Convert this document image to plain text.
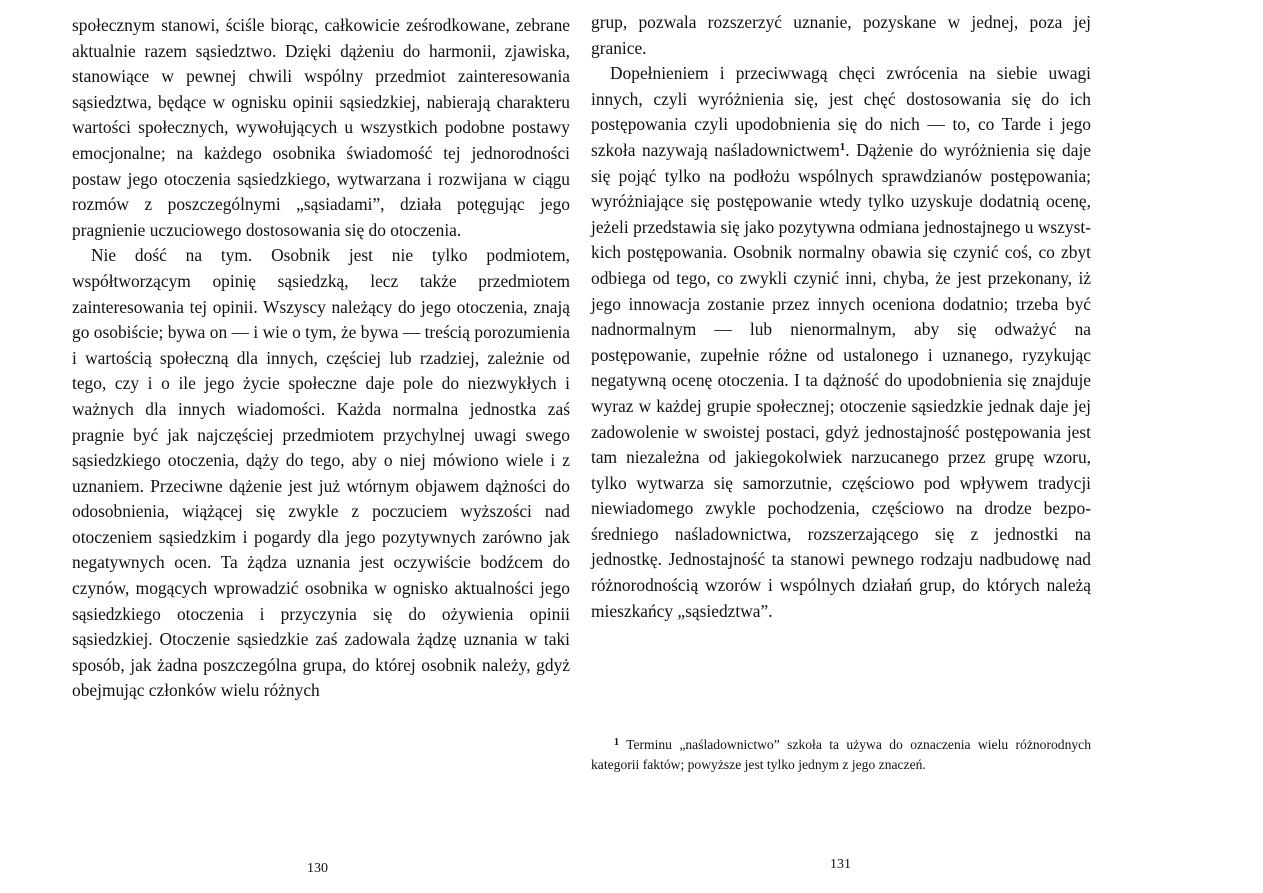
społecznym stanowi, ściśle biorąc, całkowicie ześrodkowane, zebrane aktualnie razem sąsiedztwo. Dzięki dążeniu do harmonii, zjawiska, stanowiące w pewnej chwili wspólny przedmiot zainteresowania sąsiedztwa, będące w ognisku opinii sąsiedzkiej, nabierają charakteru wartości społecznych, wywołujących u wszystkich podobne postawy emocjonalne; na każdego osobnika świadomość tej jednorodności postaw jego otoczenia sąsiedzkiego, wytwarzana i rozwijana w ciągu rozmów z poszczególnymi „sąsiadami”, działa potęgując jego pragnienie uczuciowego dostosowania się do otoczenia.

Nie dość na tym. Osobnik jest nie tylko podmiotem, współtworzącym opinię sąsiedzką, lecz także przedmiotem zainteresowania tej opinii. Wszyscy należący do jego otoczenia, znają go osobiście; bywa on — i wie o tym, że bywa — treścią porozumienia i wartością społeczną dla innych, częściej lub rzadziej, zależnie od tego, czy i o ile jego życie społeczne daje pole do niezwykłych i ważnych dla innych wiadomości. Każda normalna jednostka zaś pragnie być jak najczęściej przedmiotem przychylnej uwagi swego sąsiedzkiego otoczenia, dąży do tego, aby o niej mówiono wiele i z uznaniem. Przeciwne dążenie jest już wtórnym objawem dążności do odosobnienia, wiążącej się zwykle z poczuciem wyższości nad otoczeniem sąsiedzkim i pogardy dla jego pozytywnych zarówno jak negatywnych ocen. Ta żądza uznania jest oczywiście bodźcem do czynów, mogących wprowadzić osobnika w ognisko aktualności jego sąsiedzkiego otoczenia i przyczynia się do ożywienia opinii sąsiedzkiej. Otoczenie sąsiedzkie zaś zadowala żądzę uznania w taki sposób, jak żadna poszczególna grupa, do której osobnik należy, gdyż obejmując członków wielu różnych

grup, pozwala rozszerzyć uznanie, pozyskane w jednej, poza jej granice.

Dopełnieniem i przeciwwagą chęci zwrócenia na siebie uwagi innych, czyli wyróżnienia się, jest chęć dostosowania się do ich postępowania czyli upodobnienia się do nich — to, co Tarde i jego szkoła nazywają naśladownictwem$^1$. Dążenie do wyróżnienia się daje się pojąć tylko na podłożu wspólnych sprawdzianów postępowania; wyróżniające się postępowanie wtedy tylko uzyskuje dodatnią ocenę, jeżeli przedstawia się jako pozytywna odmiana jednostajnego u wszystkich postępowania. Osobnik normalny obawia się czynić coś, co zbyt odbiega od tego, co zwykli czynić inni, chyba, że jest przekonany, iż jego innowacja zostanie przez innych oceniona dodatnio; trzeba być nadnormalnym — lub nienormalnym, aby się odważyć na postępowanie, zupełnie różne od ustalonego i uznanego, ryzykując negatywną ocenę otoczenia. I ta dążność do upodobnienia się znajduje wyraz w każdej grupie społecznej; otoczenie sąsiedzkie jednak daje jej zadowolenie w swoistej postaci, gdyż jednostajność postępowania jest tam niezależna od jakiegokolwiek narzucanego przez grupę wzoru, tylko wytwarza się samorzutnie, częściowo pod wpływem tradycji niewiadomego zwykle pochodzenia, częściowo na drodze bezpośredniego naśladownictwa, rozszerzającego się z jednostki na jednostkę. Jednostajność ta stanowi pewnego rodzaju nadbudowę nad różnorodnością wzorów i wspólnych działań grup, do których należą mieszkańcy „sąsiedztwa”.

$^1$ Terminu „naśladownictwo” szkoła ta używa do oznaczenia wielu różnorodnych kategorii faktów; powyższe jest tylko jednym z jego znaczeń.

130	131
